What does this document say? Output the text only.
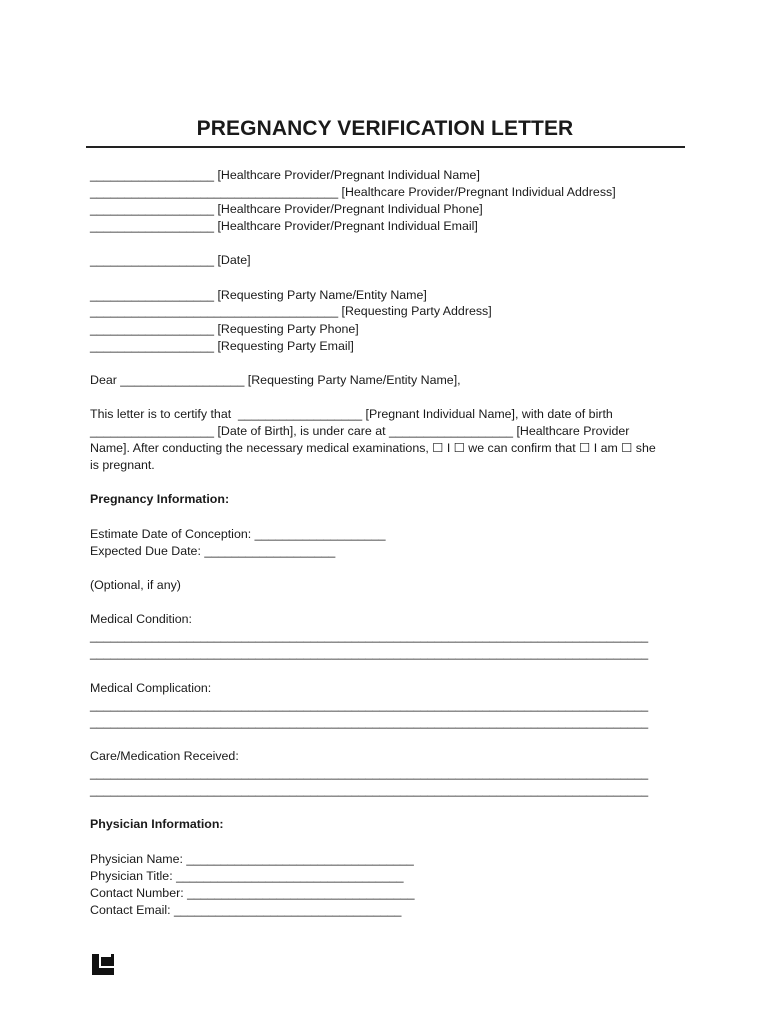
PREGNANCY VERIFICATION LETTER
__________________ [Healthcare Provider/Pregnant Individual Name]
____________________________________ [Healthcare Provider/Pregnant Individual Address]
__________________ [Healthcare Provider/Pregnant Individual Phone]
__________________ [Healthcare Provider/Pregnant Individual Email]
__________________ [Date]
__________________ [Requesting Party Name/Entity Name]
____________________________________ [Requesting Party Address]
__________________ [Requesting Party Phone]
__________________ [Requesting Party Email]
Dear __________________ [Requesting Party Name/Entity Name],
This letter is to certify that  __________________ [Pregnant Individual Name], with date of birth
__________________ [Date of Birth], is under care at __________________ [Healthcare Provider
Name]. After conducting the necessary medical examinations, ☐ I ☐ we can confirm that ☐ I am ☐ she
is pregnant.
Pregnancy Information:
Estimate Date of Conception: ___________________
Expected Due Date: ___________________
(Optional, if any)
Medical Condition:
_________________________________________________________________________________
_________________________________________________________________________________
Medical Complication:
_________________________________________________________________________________
_________________________________________________________________________________
Care/Medication Received:
_________________________________________________________________________________
_________________________________________________________________________________
Physician Information:
Physician Name: _________________________________
Physician Title: _________________________________
Contact Number: _________________________________
Contact Email: _________________________________
